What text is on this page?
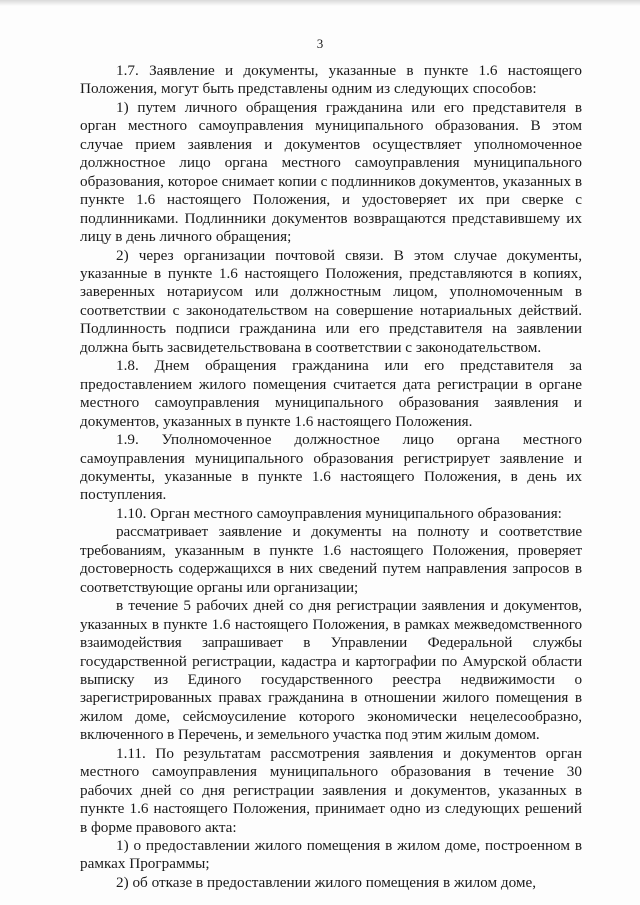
3

1.7. Заявление и документы, указанные в пункте 1.6 настоящего Положения, могут быть представлены одним из следующих способов:

1) путем личного обращения гражданина или его представителя в орган местного самоуправления муниципального образования. В этом случае прием заявления и документов осуществляет уполномоченное должностное лицо органа местного самоуправления муниципального образования, которое снимает копии с подлинников документов, указанных в пункте 1.6 настоящего Положения, и удостоверяет их при сверке с подлинниками. Подлинники документов возвращаются представившему их лицу в день личного обращения;

2) через организации почтовой связи. В этом случае документы, указанные в пункте 1.6 настоящего Положения, представляются в копиях, заверенных нотариусом или должностным лицом, уполномоченным в соответствии с законодательством на совершение нотариальных действий. Подлинность подписи гражданина или его представителя на заявлении должна быть засвидетельствована в соответствии с законодательством.

1.8. Днем обращения гражданина или его представителя за предоставлением жилого помещения считается дата регистрации в органе местного самоуправления муниципального образования заявления и документов, указанных в пункте 1.6 настоящего Положения.

1.9. Уполномоченное должностное лицо органа местного самоуправления муниципального образования регистрирует заявление и документы, указанные в пункте 1.6 настоящего Положения, в день их поступления.

1.10. Орган местного самоуправления муниципального образования:

рассматривает заявление и документы на полноту и соответствие требованиям, указанным в пункте 1.6 настоящего Положения, проверяет достоверность содержащихся в них сведений путем направления запросов в соответствующие органы или организации;

в течение 5 рабочих дней со дня регистрации заявления и документов, указанных в пункте 1.6 настоящего Положения, в рамках межведомственного взаимодействия запрашивает в Управлении Федеральной службы государственной регистрации, кадастра и картографии по Амурской области выписку из Единого государственного реестра недвижимости о зарегистрированных правах гражданина в отношении жилого помещения в жилом доме, сейсмоусиление которого экономически нецелесообразно, включенного в Перечень, и земельного участка под этим жилым домом.

1.11. По результатам рассмотрения заявления и документов орган местного самоуправления муниципального образования в течение 30 рабочих дней со дня регистрации заявления и документов, указанных в пункте 1.6 настоящего Положения, принимает одно из следующих решений в форме правового акта:

1) о предоставлении жилого помещения в жилом доме, построенном в рамках Программы;

2) об отказе в предоставлении жилого помещения в жилом доме,
